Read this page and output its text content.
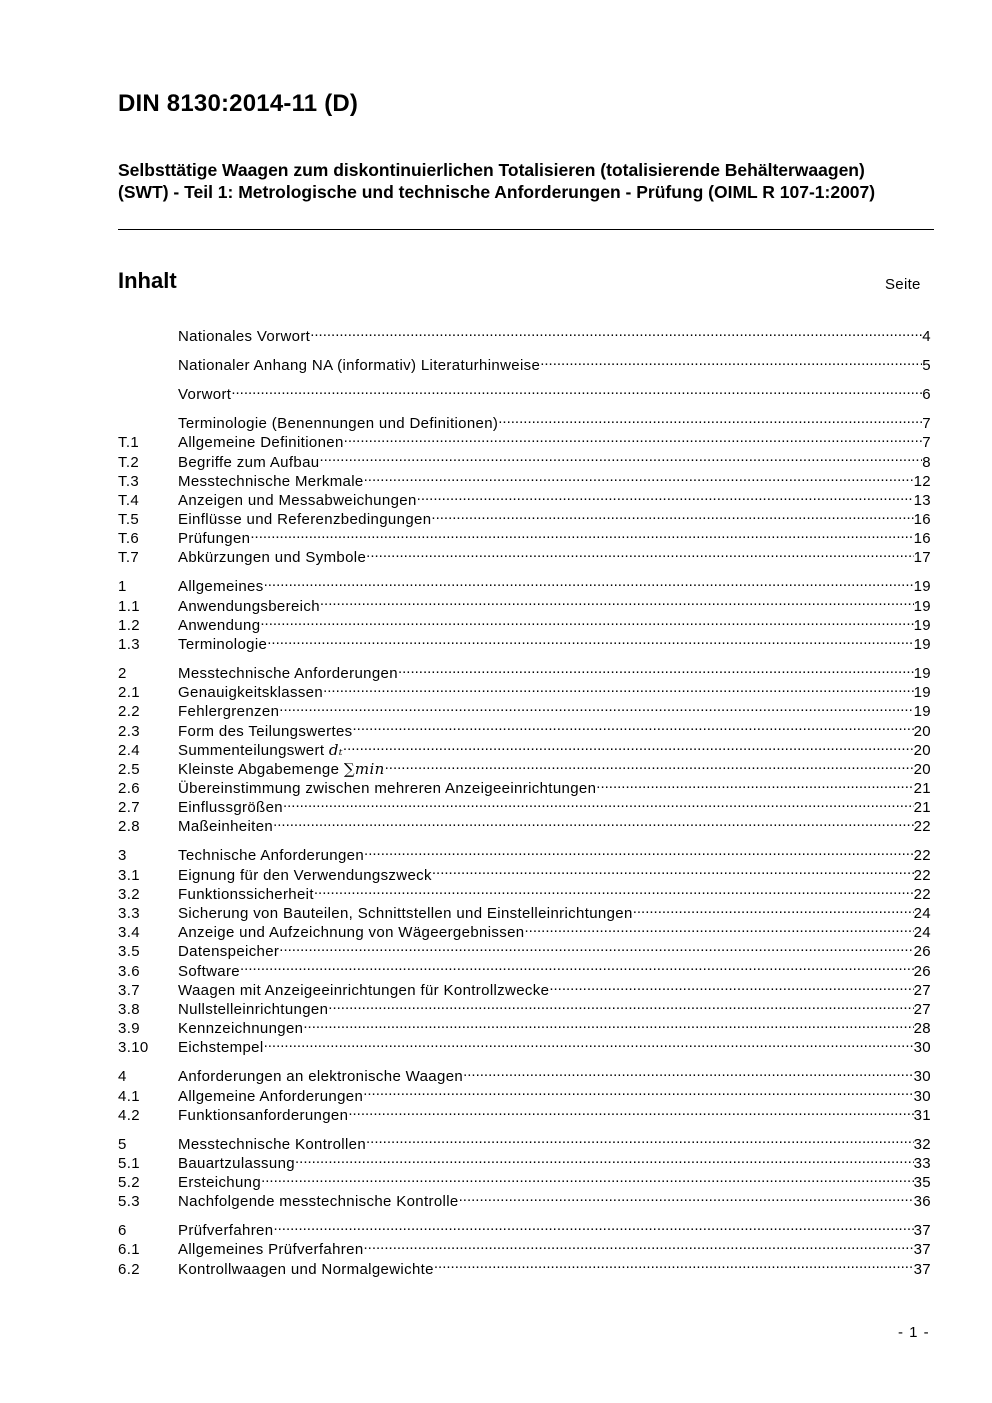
DIN 8130:2014-11 (D)

Selbsttätige Waagen zum diskontinuierlichen Totalisieren (totalisierende Behälterwaagen) (SWT) - Teil 1: Metrologische und technische Anforderungen - Prüfung (OIML R 107-1:2007)

Inhalt	Seite
Nationales Vorwort .....	4
Nationaler Anhang NA (informativ) Literaturhinweise .....	5
Vorwort .....	6
Terminologie (Benennungen und Definitionen) .....	7
T.1	Allgemeine Definitionen .....	7
T.2	Begriffe zum Aufbau .....	8
T.3	Messtechnische Merkmale .....	12
T.4	Anzeigen und Messabweichungen .....	13
T.5	Einflüsse und Referenzbedingungen .....	16
T.6	Prüfungen .....	16
T.7	Abkürzungen und Symbole .....	17
1	Allgemeines .....	19
1.1	Anwendungsbereich .....	19
1.2	Anwendung .....	19
1.3	Terminologie .....	19
2	Messtechnische Anforderungen .....	19
2.1	Genauigkeitsklassen .....	19
2.2	Fehlergrenzen .....	19
2.3	Form des Teilungswertes .....	20
2.4	Summenteilungswert dₜ .....	20
2.5	Kleinste Abgabemenge ∑min .....	20
2.6	Übereinstimmung zwischen mehreren Anzeigeeinrichtungen .....	21
2.7	Einflussgrößen .....	21
2.8	Maßeinheiten .....	22
3	Technische Anforderungen .....	22
3.1	Eignung für den Verwendungszweck .....	22
3.2	Funktionssicherheit .....	22
3.3	Sicherung von Bauteilen, Schnittstellen und Einstelleinrichtungen .....	24
3.4	Anzeige und Aufzeichnung von Wägeergebnissen .....	24
3.5	Datenspeicher .....	26
3.6	Software .....	26
3.7	Waagen mit Anzeigeeinrichtungen für Kontrollzwecke .....	27
3.8	Nullstelleinrichtungen .....	27
3.9	Kennzeichnungen .....	28
3.10	Eichstempel .....	30
4	Anforderungen an elektronische Waagen .....	30
4.1	Allgemeine Anforderungen .....	30
4.2	Funktionsanforderungen .....	31
5	Messtechnische Kontrollen .....	32
5.1	Bauartzulassung .....	33
5.2	Ersteichung .....	35
5.3	Nachfolgende messtechnische Kontrolle .....	36
6	Prüfverfahren .....	37
6.1	Allgemeines Prüfverfahren .....	37
6.2	Kontrollwaagen und Normalgewichte .....	37
- 1 -
